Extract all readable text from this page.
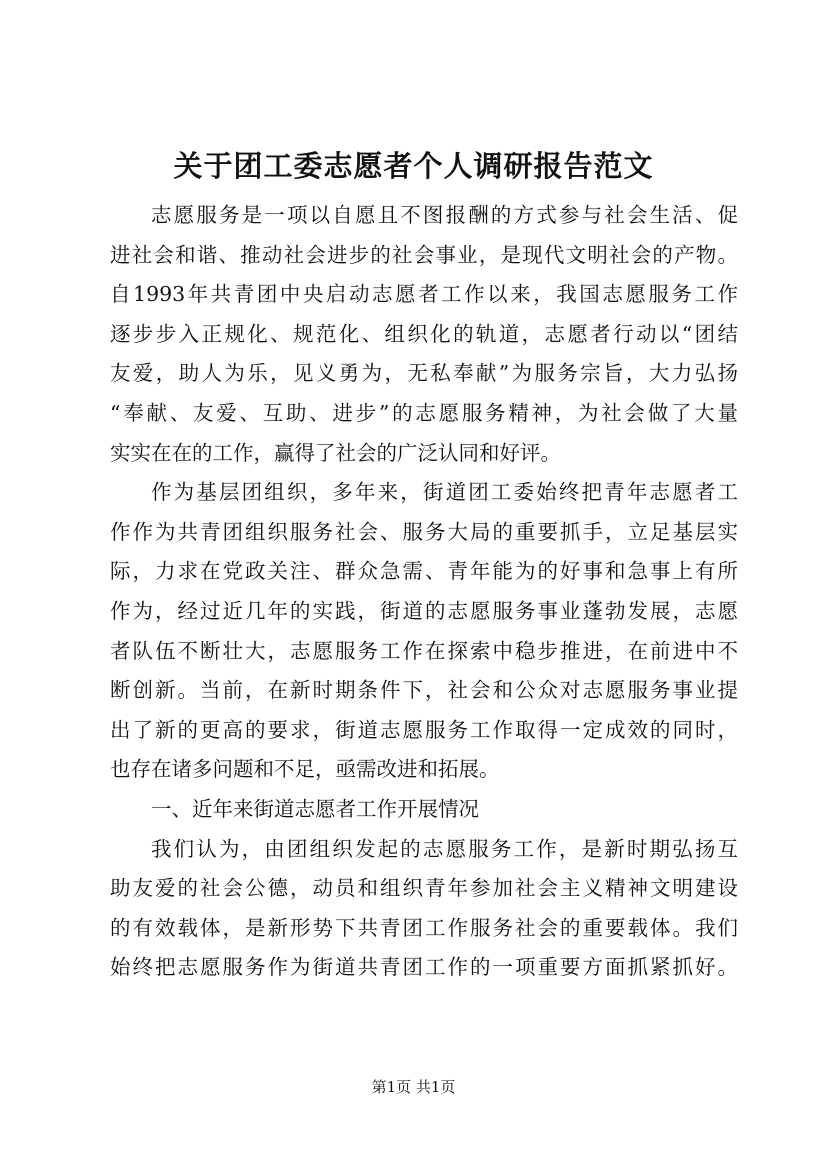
关于团工委志愿者个人调研报告范文
志愿服务是一项以自愿且不图报酬的方式参与社会生活、促
进社会和谐、推动社会进步的社会事业，是现代文明社会的产物。
自1993年共青团中央启动志愿者工作以来，我国志愿服务工作
逐步步入正规化、规范化、组织化的轨道，志愿者行动以“团结
友爱，助人为乐，见义勇为，无私奉献”为服务宗旨，大力弘扬
“奉献、友爱、互助、进步”的志愿服务精神，为社会做了大量
实实在在的工作，赢得了社会的广泛认同和好评。
作为基层团组织，多年来，街道团工委始终把青年志愿者工
作作为共青团组织服务社会、服务大局的重要抓手，立足基层实
际，力求在党政关注、群众急需、青年能为的好事和急事上有所
作为，经过近几年的实践，街道的志愿服务事业蓬勃发展，志愿
者队伍不断壮大，志愿服务工作在探索中稳步推进，在前进中不
断创新。当前，在新时期条件下，社会和公众对志愿服务事业提
出了新的更高的要求，街道志愿服务工作取得一定成效的同时，
也存在诸多问题和不足，亟需改进和拓展。
一、近年来街道志愿者工作开展情况
我们认为，由团组织发起的志愿服务工作，是新时期弘扬互
助友爱的社会公德，动员和组织青年参加社会主义精神文明建设
的有效载体，是新形势下共青团工作服务社会的重要载体。我们
始终把志愿服务作为街道共青团工作的一项重要方面抓紧抓好。
第1页 共1页
